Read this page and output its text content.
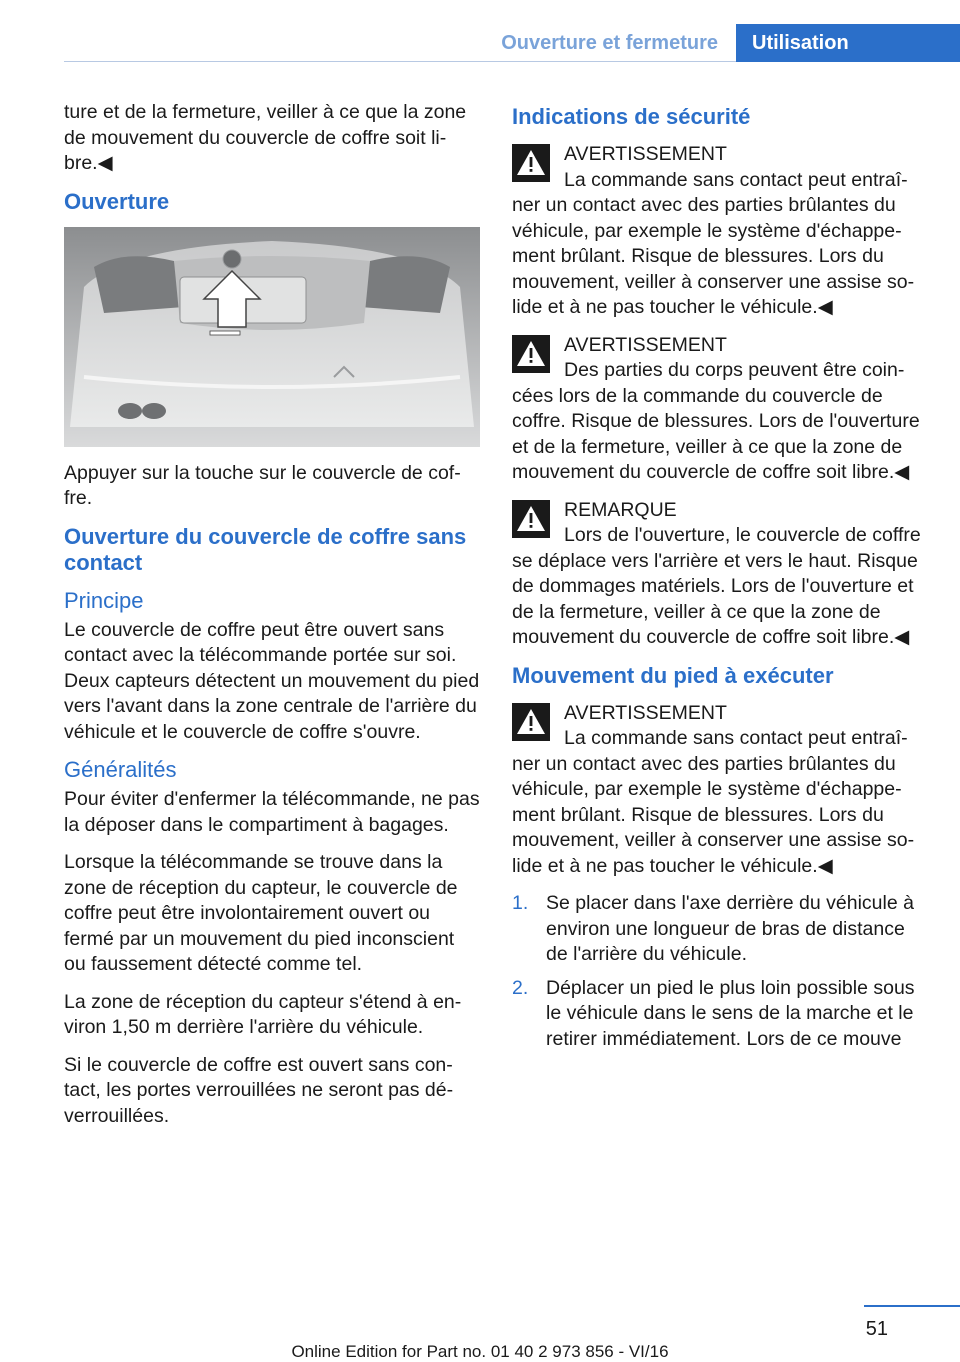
Ouverture et fermeture	Utilisation

ture et de la fermeture, veiller à ce que la zone de mouvement du couvercle de coffre soit libre.◀

Ouverture

Appuyer sur la touche sur le couvercle de coffre.

Ouverture du couvercle de coffre sans contact
Principe

Le couvercle de coffre peut être ouvert sans contact avec la télécommande portée sur soi. Deux capteurs détectent un mouvement du pied vers l'avant dans la zone centrale de l'arrière du véhicule et le couvercle de coffre s'ouvre.

Généralités

Pour éviter d'enfermer la télécommande, ne pas la déposer dans le compartiment à bagages.

Lorsque la télécommande se trouve dans la zone de réception du capteur, le couvercle de coffre peut être involontairement ouvert ou fermé par un mouvement du pied inconscient ou faussement détecté comme tel.

La zone de réception du capteur s'étend à environ 1,50 m derrière l'arrière du véhicule.

Si le couvercle de coffre est ouvert sans contact, les portes verrouillées ne seront pas déverrouillées.

Indications de sécurité
AVERTISSEMENT
La commande sans contact peut entraîner un contact avec des parties brûlantes du véhicule, par exemple le système d'échappement brûlant. Risque de blessures. Lors du mouvement, veiller à conserver une assise solide et à ne pas toucher le véhicule.◀
AVERTISSEMENT
Des parties du corps peuvent être coincées lors de la commande du couvercle de coffre. Risque de blessures. Lors de l'ouverture et de la fermeture, veiller à ce que la zone de mouvement du couvercle de coffre soit libre.◀
REMARQUE
Lors de l'ouverture, le couvercle de coffre se déplace vers l'arrière et vers le haut. Risque de dommages matériels. Lors de l'ouverture et de la fermeture, veiller à ce que la zone de mouvement du couvercle de coffre soit libre.◀
Mouvement du pied à exécuter
AVERTISSEMENT
La commande sans contact peut entraîner un contact avec des parties brûlantes du véhicule, par exemple le système d'échappement brûlant. Risque de blessures. Lors du mouvement, veiller à conserver une assise solide et à ne pas toucher le véhicule.◀
1. Se placer dans l'axe derrière du véhicule à environ une longueur de bras de distance de l'arrière du véhicule.
2. Déplacer un pied le plus loin possible sous le véhicule dans le sens de la marche et le retirer immédiatement. Lors de ce mouve
51
Online Edition for Part no. 01 40 2 973 856 - VI/16
